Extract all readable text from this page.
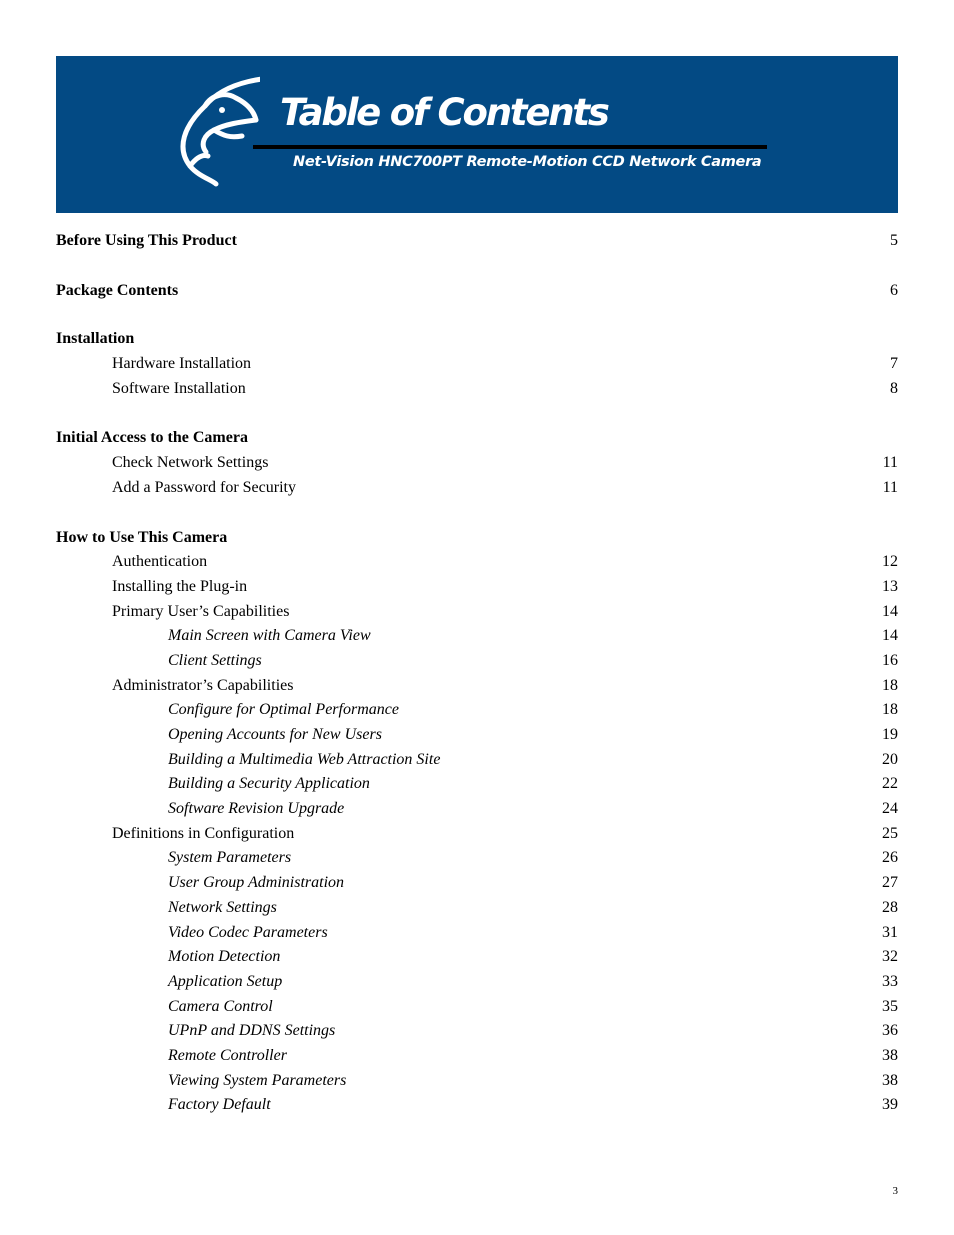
Table of Contents
Net-Vision HNC700PT Remote-Motion CCD Network Camera
Before Using This Product	5
Package Contents	6
Installation
Hardware Installation	7
Software Installation	8
Initial Access to the Camera
Check Network Settings	11
Add a Password for Security	11
How to Use This Camera
Authentication	12
Installing the Plug-in	13
Primary User’s Capabilities	14
Main Screen with Camera View	14
Client Settings	16
Administrator’s Capabilities	18
Configure for Optimal Performance	18
Opening Accounts for New Users	19
Building a Multimedia Web Attraction Site	20
Building a Security Application	22
Software Revision Upgrade	24
Definitions in Configuration	25
System Parameters	26
User Group Administration	27
Network Settings	28
Video Codec Parameters	31
Motion Detection	32
Application Setup	33
Camera Control	35
UPnP and DDNS Settings	36
Remote Controller	38
Viewing System Parameters	38
Factory Default	39
3
